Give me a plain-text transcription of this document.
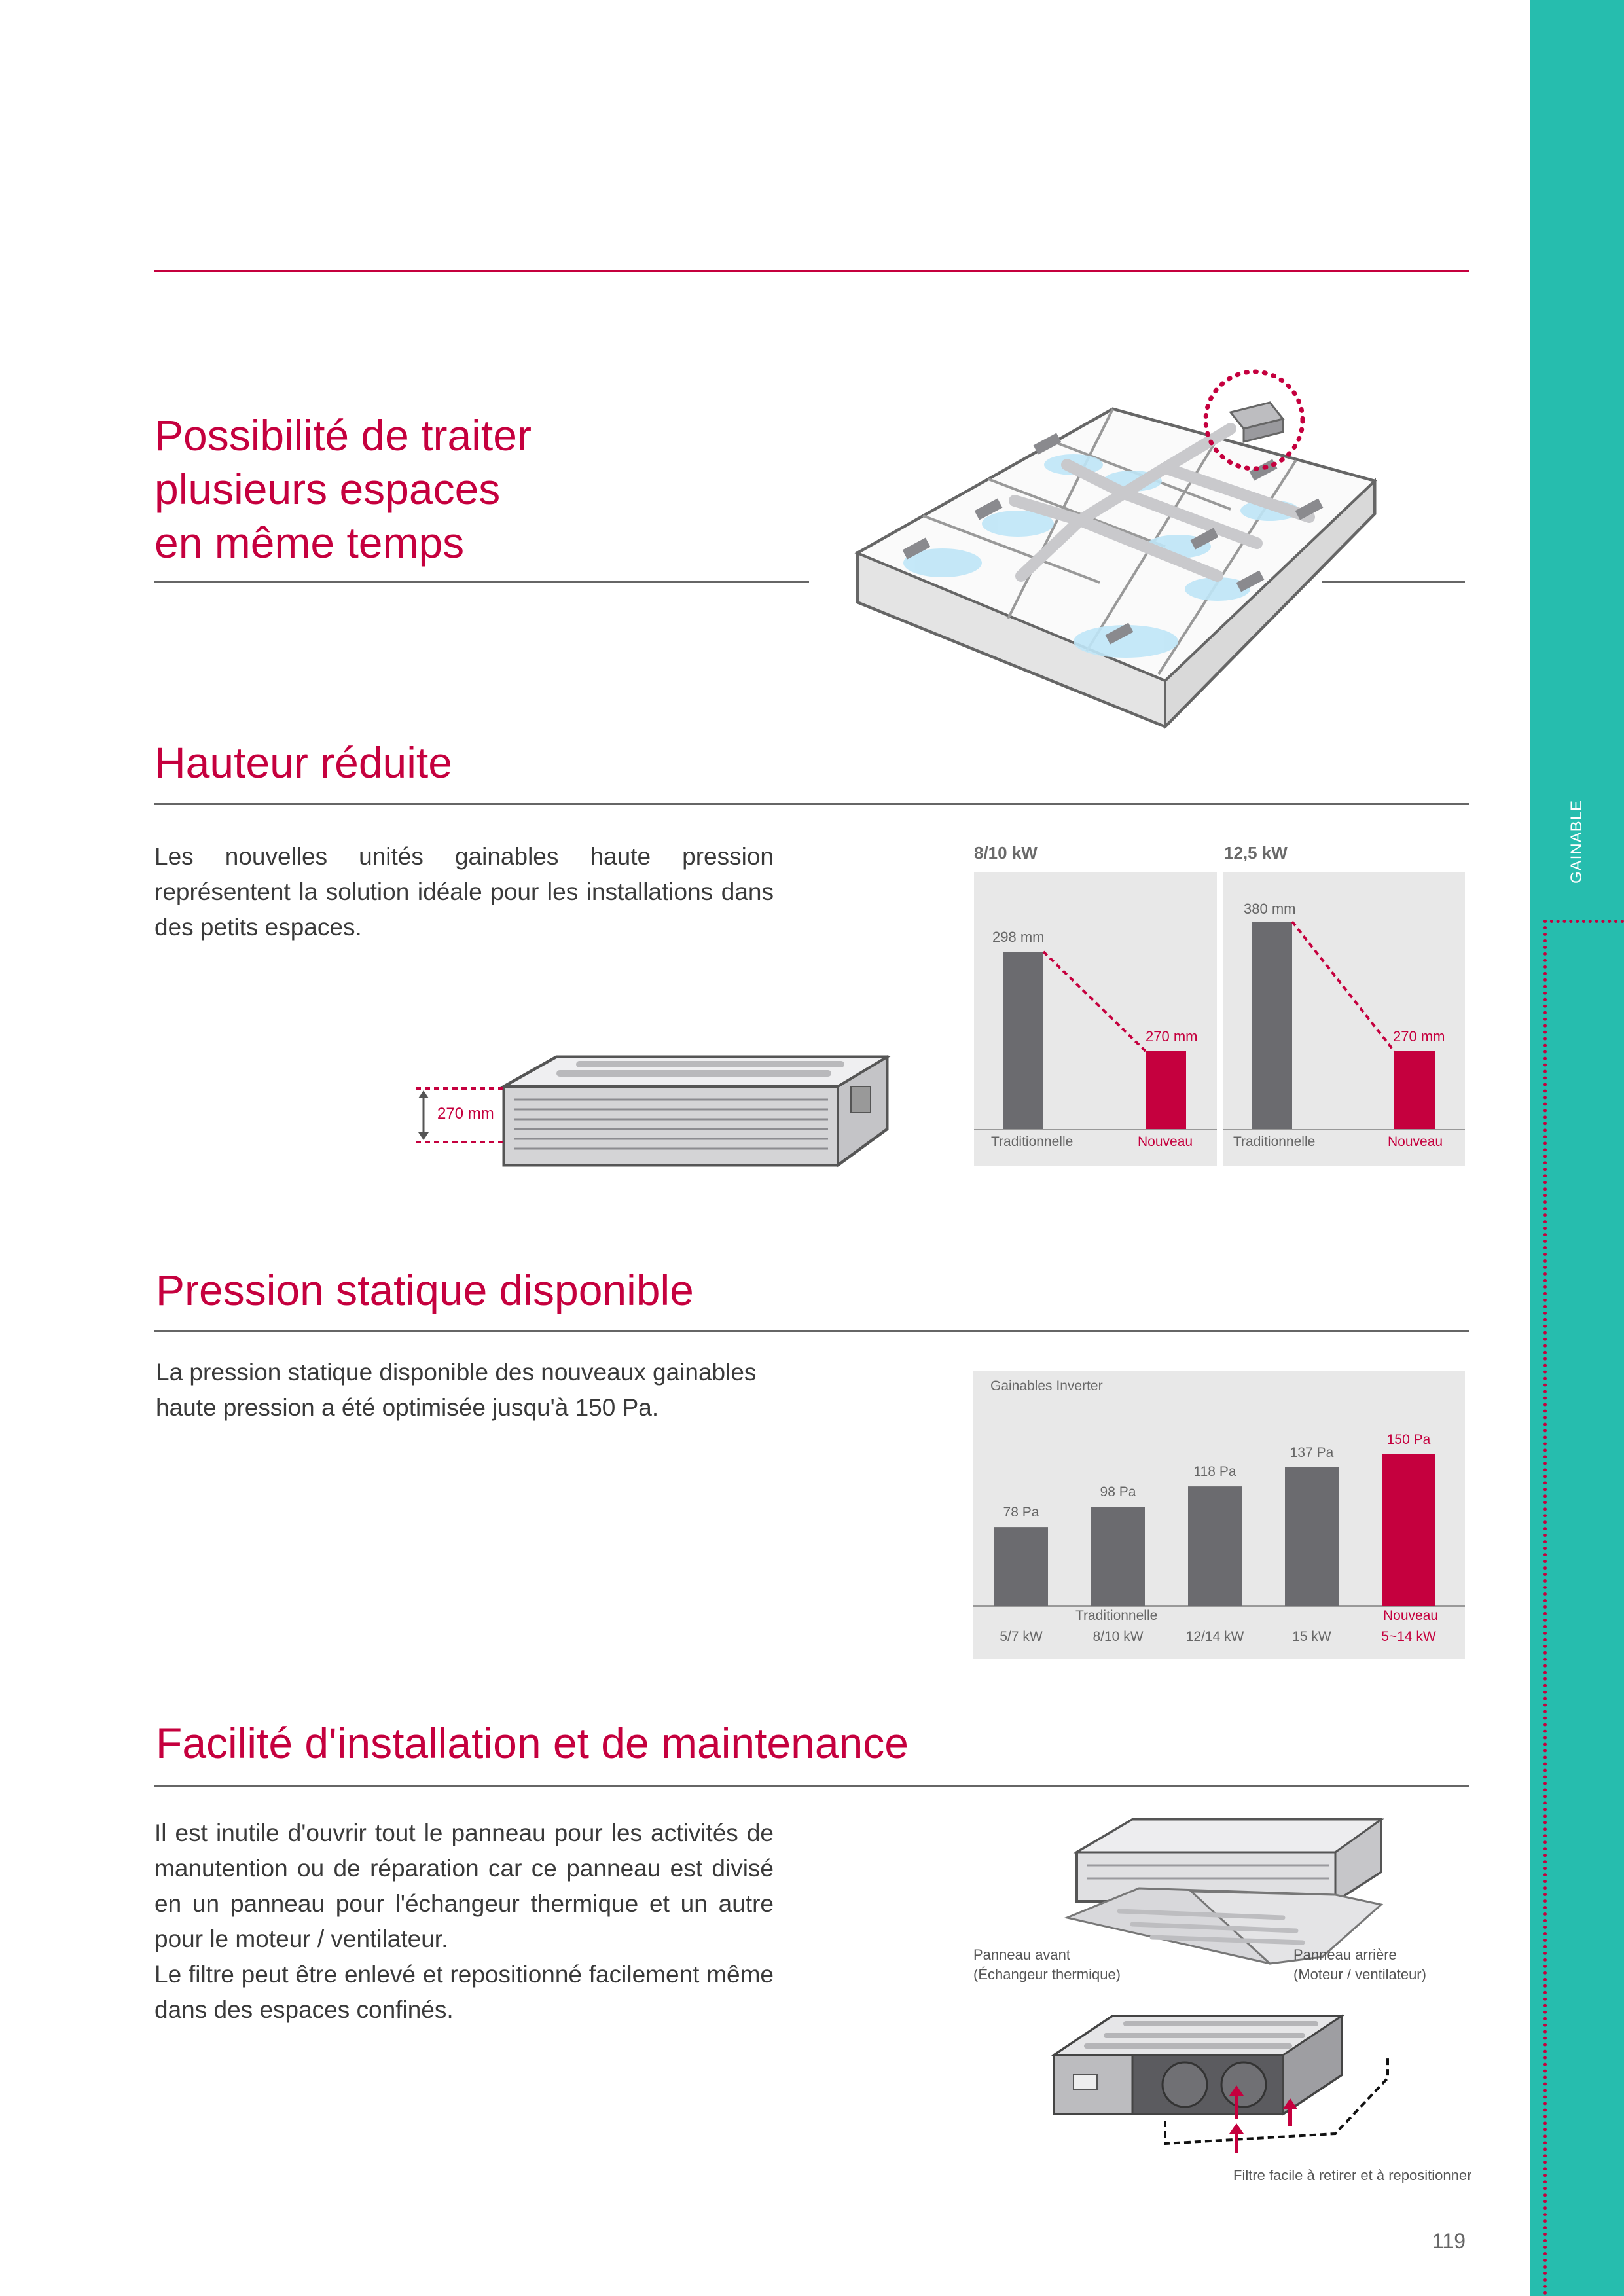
GAINABLE
Possibilité de traiter
plusieurs espaces
en même temps
Hauteur réduite
Les nouvelles unités gainables haute pression représentent la solution idéale pour les installations dans des petits espaces.
270 mm
8/10 kW	12,5 kW
298 mm
270 mm
Traditionnelle	Nouveau
380 mm
270 mm
Traditionnelle	Nouveau
Pression statique disponible
La pression statique disponible des nouveaux gainables haute pression a été optimisée jusqu'à 150 Pa.
Gainables Inverter
Traditionnelle	Nouveau
78 Pa
5/7 kW
98 Pa
8/10 kW
118 Pa
12/14 kW
137 Pa
15 kW
150 Pa
5~14 kW
Facilité d'installation et de maintenance
Il est inutile d'ouvrir tout le panneau pour les activités de manutention ou de réparation car ce panneau est divisé en un panneau pour l'échangeur thermique et un autre pour le moteur / ventilateur.
Le filtre peut être enlevé et repositionné facilement même dans des espaces confinés.
Panneau avant
(Échangeur thermique)
Panneau arrière
(Moteur / ventilateur)
Filtre facile à retirer et à repositionner
119
